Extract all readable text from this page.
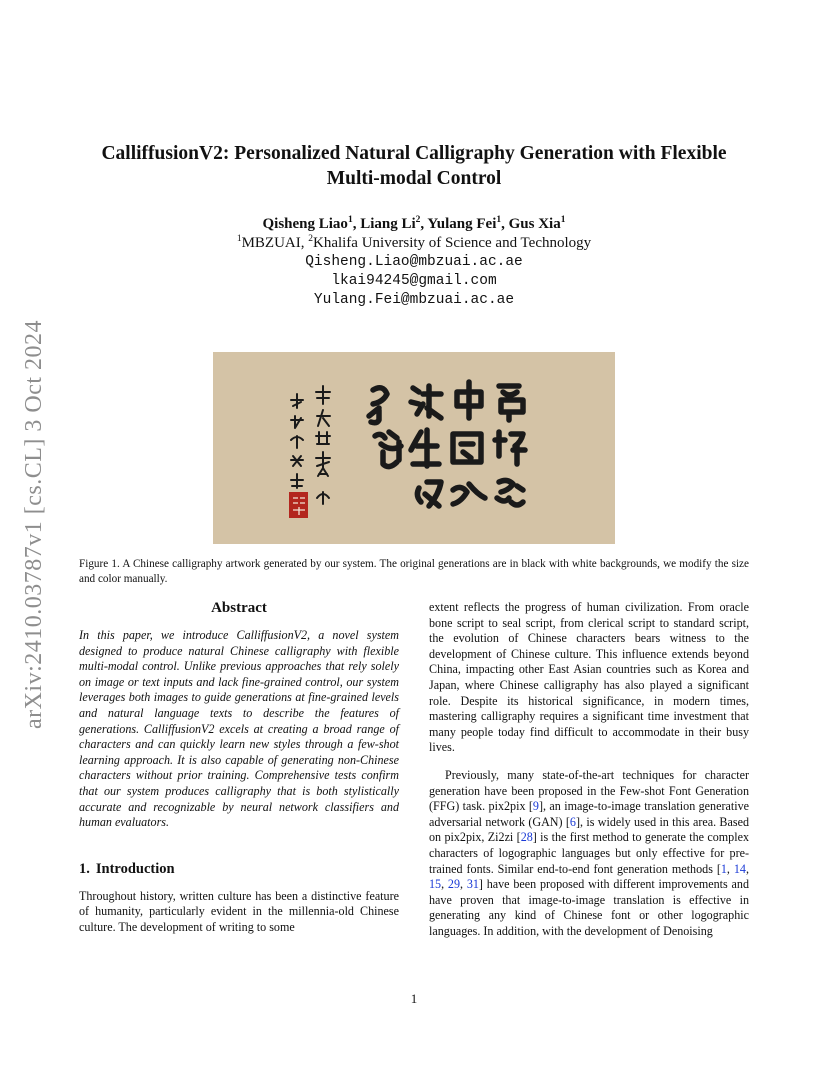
arXiv:2410.03787v1 [cs.CL] 3 Oct 2024
CalliffusionV2: Personalized Natural Calligraphy Generation with Flexible
Multi-modal Control
Qisheng Liao$^1$, Liang Li$^2$, Yulang Fei$^1$, Gus Xia$^1$
$^1$MBZUAI, $^2$Khalifa University of Science and Technology
Qisheng.Liao@mbzuai.ac.ae
lkai94245@gmail.com
Yulang.Fei@mbzuai.ac.ae

Figure 1. A Chinese calligraphy artwork generated by our system. The original generations are in black with white backgrounds, we modify the size and color manually.

Abstract

In this paper, we introduce CalliffusionV2, a novel system designed to produce natural Chinese calligraphy with flexible multi-modal control. Unlike previous approaches that rely solely on image or text inputs and lack fine-grained control, our system leverages both images to guide generations at fine-grained levels and natural language texts to describe the features of generations. CalliffusionV2 excels at creating a broad range of characters and can quickly learn new styles through a few-shot learning approach. It is also capable of generating non-Chinese characters without prior training. Comprehensive tests confirm that our system produces calligraphy that is both stylistically accurate and recognizable by neural network classifiers and human evaluators.

1. Introduction

Throughout history, written culture has been a distinctive feature of humanity, particularly evident in the millennia-old Chinese culture. The development of writing to some

extent reflects the progress of human civilization. From oracle bone script to seal script, from clerical script to standard script, the evolution of Chinese characters bears witness to the development of Chinese culture. This influence extends beyond China, impacting other East Asian countries such as Korea and Japan, where Chinese calligraphy has also played a significant role. Despite its historical significance, in modern times, mastering calligraphy requires a significant time investment that many people today find difficult to accommodate in their busy lives.

Previously, many state-of-the-art techniques for character generation have been proposed in the Few-shot Font Generation (FFG) task. pix2pix [9], an image-to-image translation generative adversarial network (GAN) [6], is widely used in this area. Based on pix2pix, Zi2zi [28] is the first method to generate the complex characters of logographic languages but only effective for pre-trained fonts. Similar end-to-end font generation methods [1, 14, 15, 29, 31] have been proposed with different improvements and have proven that image-to-image translation is effective in generating any kind of Chinese font or other logographic languages. In addition, with the development of Denoising

1
